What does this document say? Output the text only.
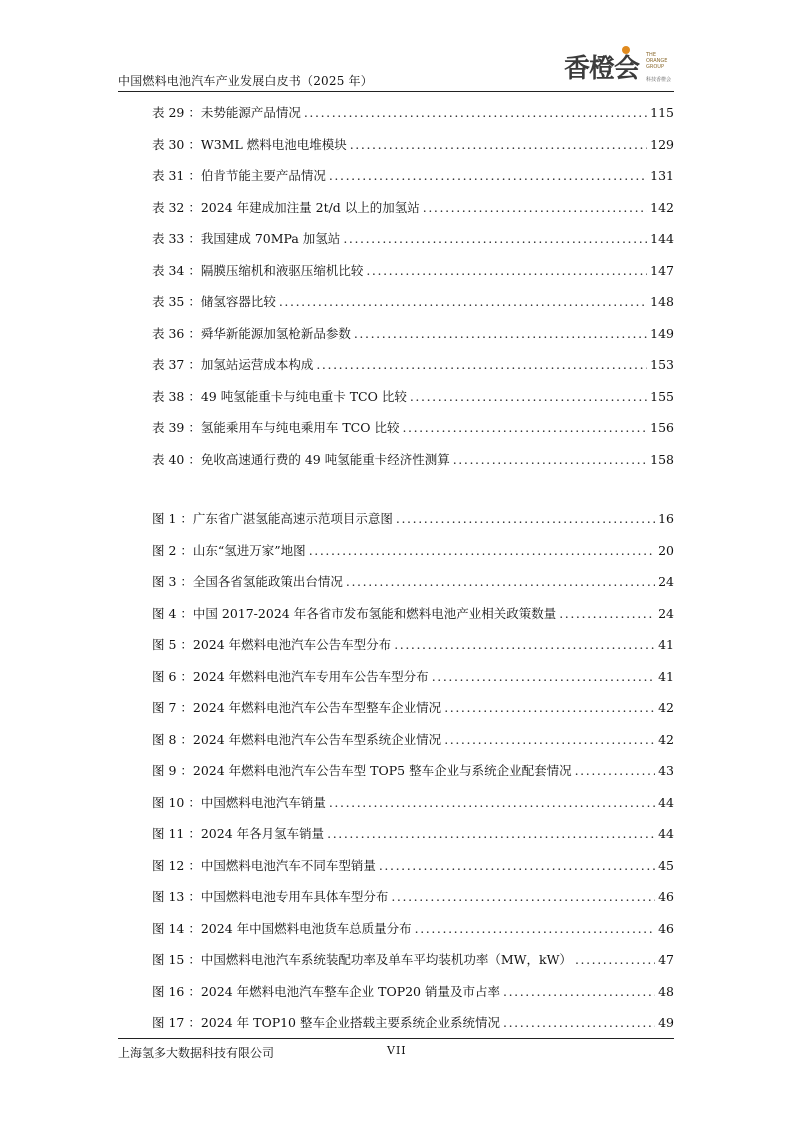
中国燃料电池汽车产业发展白皮书（2025 年）	香橙会 THE ORANGE GROUP
科技香橙会
表 29 ：未势能源产品情况 .....	115
表 30 ：W3ML 燃料电池电堆模块 .....	129
表 31 ：伯肯节能主要产品情况 .....	131
表 32 ：2024 年建成加注量 2t/d 以上的加氢站 .....	142
表 33 ：我国建成 70MPa 加氢站 .....	144
表 34 ：隔膜压缩机和液驱压缩机比较 .....	147
表 35 ：储氢容器比较 .....	148
表 36 ：舜华新能源加氢枪新品参数 .....	149
表 37 ：加氢站运营成本构成 .....	153
表 38 ：49 吨氢能重卡与纯电重卡 TCO 比较 .....	155
表 39 ：氢能乘用车与纯电乘用车 TCO 比较 .....	156
表 40 ：免收高速通行费的 49 吨氢能重卡经济性测算 .....	158
图 1 ：广东省广湛氢能高速示范项目示意图 .....	16
图 2 ：山东“氢进万家”地图 .....	20
图 3 ：全国各省氢能政策出台情况 .....	24
图 4 ：中国 2017-2024 年各省市发布氢能和燃料电池产业相关政策数量 .....	24
图 5 ：2024 年燃料电池汽车公告车型分布 .....	41
图 6 ：2024 年燃料电池汽车专用车公告车型分布 .....	41
图 7 ：2024 年燃料电池汽车公告车型整车企业情况 .....	42
图 8 ：2024 年燃料电池汽车公告车型系统企业情况 .....	42
图 9 ：2024 年燃料电池汽车公告车型 TOP5 整车企业与系统企业配套情况 .....	43
图 10 ：中国燃料电池汽车销量 .....	44
图 11 ：2024 年各月氢车销量 .....	44
图 12 ：中国燃料电池汽车不同车型销量 .....	45
图 13 ：中国燃料电池专用车具体车型分布 .....	46
图 14 ：2024 年中国燃料电池货车总质量分布 .....	46
图 15 ：中国燃料电池汽车系统装配功率及单车平均装机功率（MW，kW） .....	47
图 16 ：2024 年燃料电池汽车整车企业 TOP20 销量及市占率 .....	48
图 17 ：2024 年 TOP10 整车企业搭载主要系统企业系统情况 .....	49
上海氢多大数据科技有限公司	VII
